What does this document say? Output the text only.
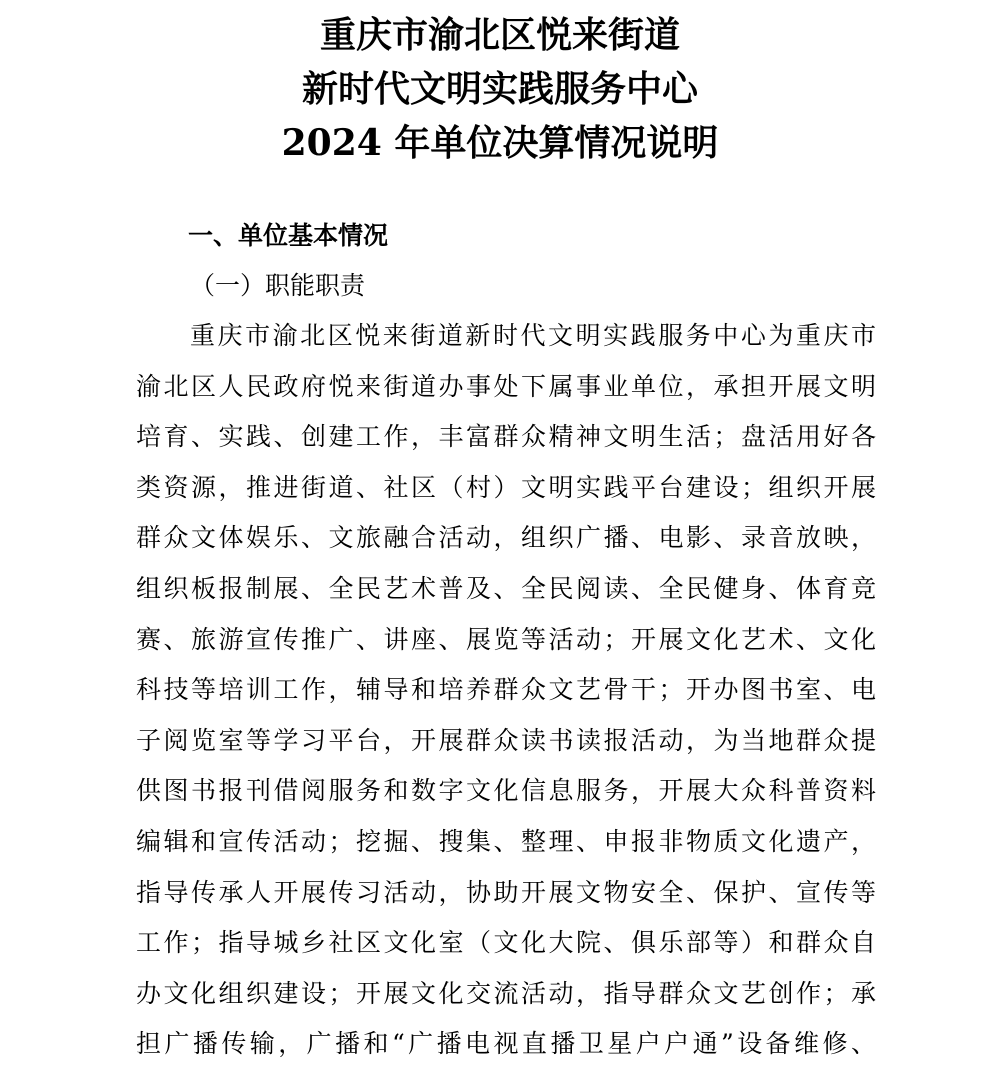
重庆市渝北区悦来街道
新时代文明实践服务中心
2024 年单位决算情况说明
一、单位基本情况
（一）职能职责
重庆市渝北区悦来街道新时代文明实践服务中心为重庆市
渝北区人民政府悦来街道办事处下属事业单位，承担开展文明
培育、实践、创建工作，丰富群众精神文明生活；盘活用好各
类资源，推进街道、社区（村）文明实践平台建设；组织开展
群众文体娱乐、文旅融合活动，组织广播、电影、录音放映，
组织板报制展、全民艺术普及、全民阅读、全民健身、体育竞
赛、旅游宣传推广、讲座、展览等活动；开展文化艺术、文化
科技等培训工作，辅导和培养群众文艺骨干；开办图书室、电
子阅览室等学习平台，开展群众读书读报活动，为当地群众提
供图书报刊借阅服务和数字文化信息服务，开展大众科普资料
编辑和宣传活动；挖掘、搜集、整理、申报非物质文化遗产，
指导传承人开展传习活动，协助开展文物安全、保护、宣传等
工作；指导城乡社区文化室（文化大院、俱乐部等）和群众自
办文化组织建设；开展文化交流活动，指导群众文艺创作；承
担广播传输，广播和“广播电视直播卫星户户通”设备维修、
